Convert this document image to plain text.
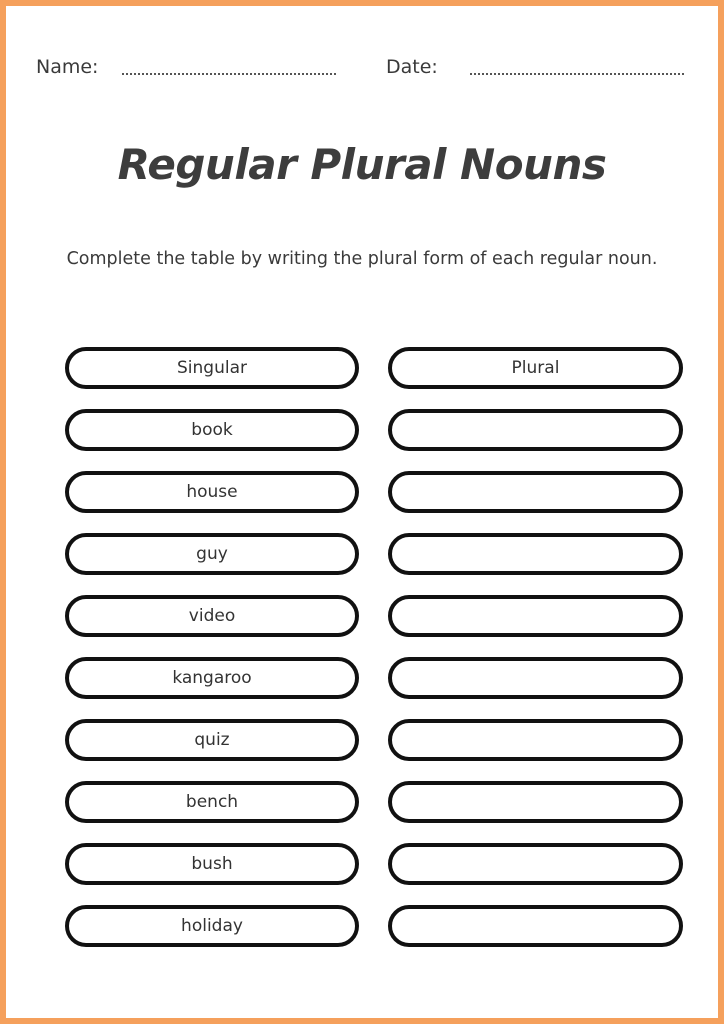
Name:	Date:
Regular Plural Nouns
Complete the table by writing the plural form of each regular noun.
Singular	Plural
book
house
guy
video
kangaroo
quiz
bench
bush
holiday
